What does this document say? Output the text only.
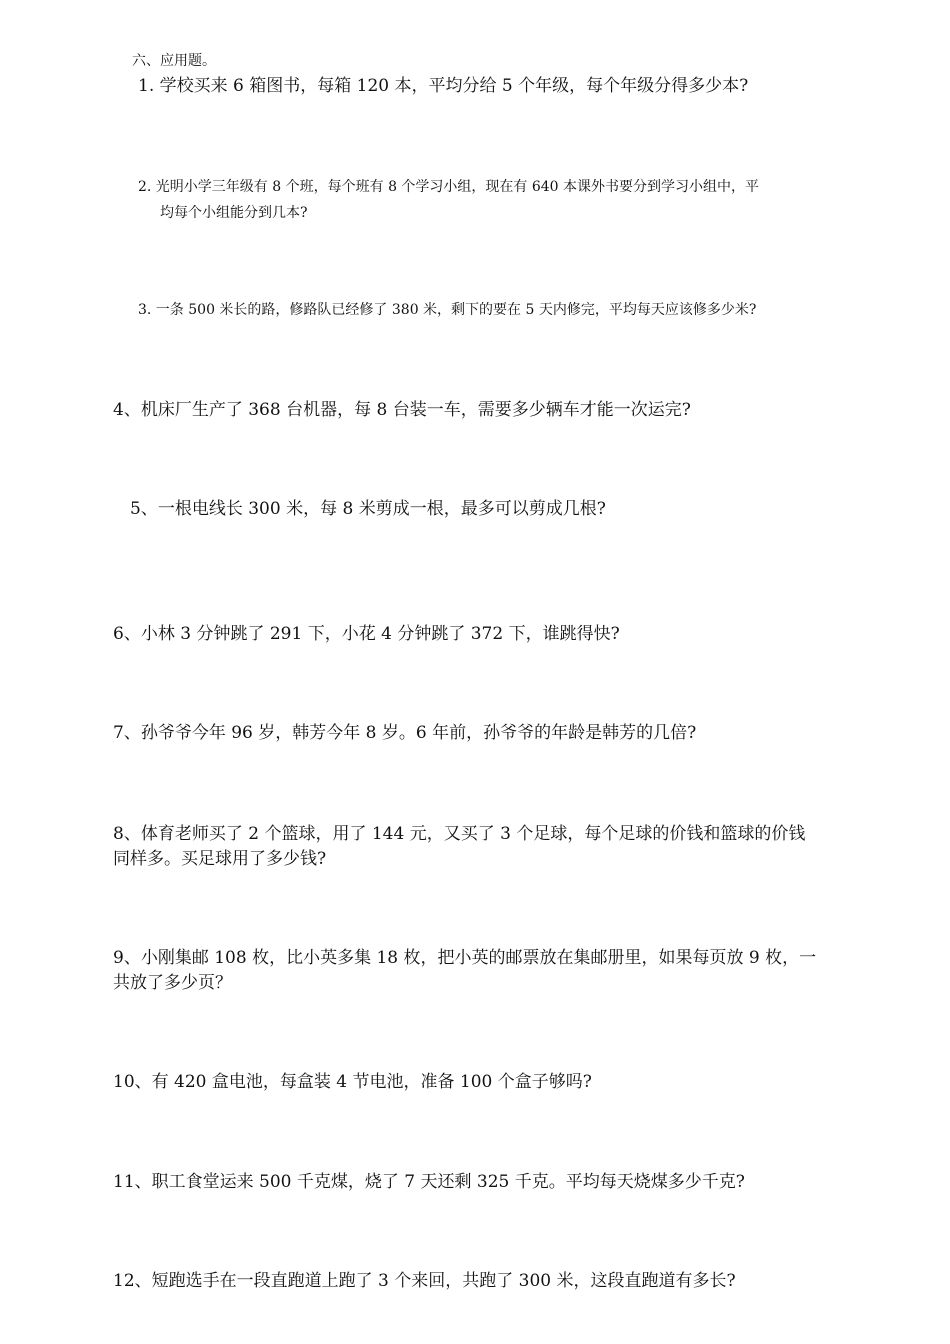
六、应用题。
1. 学校买来 6 箱图书，每箱 120 本，平均分给 5 个年级，每个年级分得多少本?
2. 光明小学三年级有 8 个班，每个班有 8 个学习小组，现在有 640 本课外书要分到学习小组中，平
均每个小组能分到几本?
3. 一条 500 米长的路，修路队已经修了 380 米，剩下的要在 5 天内修完，平均每天应该修多少米?
4、机床厂生产了 368 台机器，每 8 台装一车，需要多少辆车才能一次运完?
5、一根电线长 300 米，每 8 米剪成一根，最多可以剪成几根?
6、小林 3 分钟跳了 291 下，小花 4 分钟跳了 372 下，谁跳得快?
7、孙爷爷今年 96 岁，韩芳今年 8 岁。6 年前，孙爷爷的年龄是韩芳的几倍?
8、体育老师买了 2 个篮球，用了 144 元，又买了 3 个足球，每个足球的价钱和篮球的价钱
同样多。买足球用了多少钱?
9、小刚集邮 108 枚，比小英多集 18 枚，把小英的邮票放在集邮册里，如果每页放 9 枚，一
共放了多少页？
10、有 420 盒电池，每盒装 4 节电池，准备 100 个盒子够吗?
11、职工食堂运来 500 千克煤，烧了 7 天还剩 325 千克。平均每天烧煤多少千克?
12、短跑选手在一段直跑道上跑了 3 个来回，共跑了 300 米，这段直跑道有多长?
